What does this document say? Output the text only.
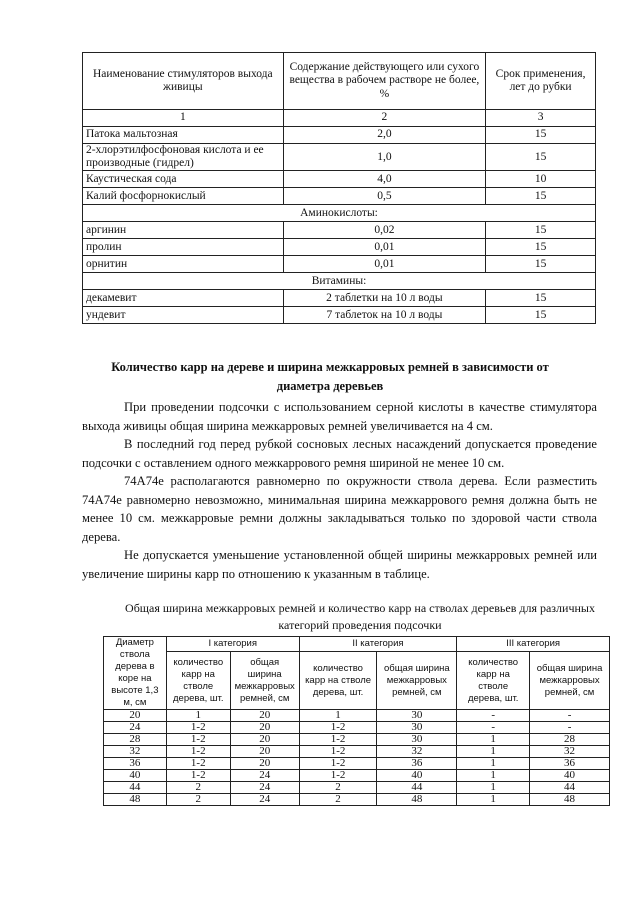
Наименование стимуляторов выхода живицы	Содержание действующего или сухого вещества в рабочем растворе не более, %	Срок применения, лет до рубки
1	2	3
Патока мальтозная	2,0	15
2-хлорэтилфосфоновая кислота и ее производные (гидрел)	1,0	15
Каустическая сода	4,0	10
Калий фосфорнокислый	0,5	15
Аминокислоты:		
аргинин	0,02	15
пролин	0,01	15
орнитин	0,01	15
Витамины:		
декамевит	2 таблетки на 10 л воды	15
ундевит	7 таблеток на 10 л воды	15
Количество карр на дереве и ширина межкарровых ремней в зависимости от диаметра деревьев

При проведении подсочки с использованием серной кислоты в качестве стимулятора выхода живицы общая ширина межкарровых ремней увеличивается на 4 см.

В последний год перед рубкой сосновых лесных насаждений допускается проведение подсочки с оставлением одного межкаррового ремня шириной не менее 10 см.

74А74е располагаются равномерно по окружности ствола дерева. Если разместить 74А74е равномерно невозможно, минимальная ширина межкаррового ремня должна быть не менее 10 см. межкарровые ремни должны закладываться только по здоровой части ствола дерева.

Не допускается уменьшение установленной общей ширины межкарровых ремней или увеличение ширины карр по отношению к указанным в таблице.

Общая ширина межкарровых ремней и количество карр на стволах деревьев для различных категорий проведения подсочки
Диаметр ствола дерева в коре на высоте 1,3 м, см	I категория		II категория		III категория	
	количество карр на стволе дерева, шт.	общая ширина межкарровых ремней, см	количество карр на стволе дерева, шт.	общая ширина межкарровых ремней, см	количество карр на стволе дерева, шт.	общая ширина межкарровых ремней, см
20	1	20	1	30	-	-
24	1-2	20	1-2	30	-	-
28	1-2	20	1-2	30	1	28
32	1-2	20	1-2	32	1	32
36	1-2	20	1-2	36	1	36
40	1-2	24	1-2	40	1	40
44	2	24	2	44	1	44
48	2	24	2	48	1	48
